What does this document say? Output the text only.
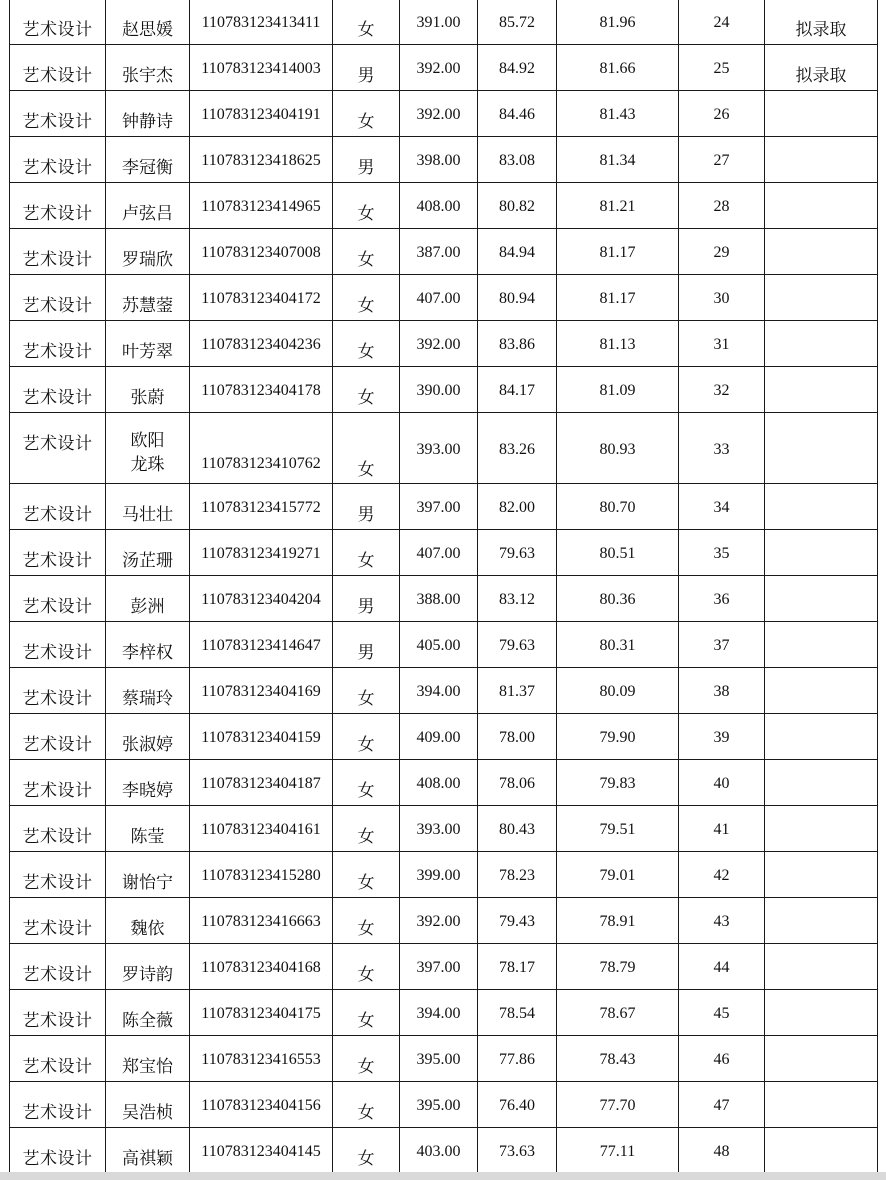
艺术设计	赵思媛	110783123413411	女	391.00	85.72	81.96	24	拟录取

艺术设计	张宇杰	110783123414003	男	392.00	84.92	81.66	25	拟录取

艺术设计	钟静诗	110783123404191	女	392.00	84.46	81.43	26	

艺术设计	李冠衡	110783123418625	男	398.00	83.08	81.34	27	

艺术设计	卢弦吕	110783123414965	女	408.00	80.82	81.21	28	

艺术设计	罗瑞欣	110783123407008	女	387.00	84.94	81.17	29	

艺术设计	苏慧蓥	110783123404172	女	407.00	80.94	81.17	30	

艺术设计	叶芳翠	110783123404236	女	392.00	83.86	81.13	31	

艺术设计	张蔚	110783123404178	女	390.00	84.17	81.09	32	

艺术设计	欧阳龙珠	110783123410762	女	393.00	83.26	80.93	33	

艺术设计	马壮壮	110783123415772	男	397.00	82.00	80.70	34	

艺术设计	汤芷珊	110783123419271	女	407.00	79.63	80.51	35	

艺术设计	彭洲	110783123404204	男	388.00	83.12	80.36	36	

艺术设计	李梓权	110783123414647	男	405.00	79.63	80.31	37	

艺术设计	蔡瑞玲	110783123404169	女	394.00	81.37	80.09	38	

艺术设计	张淑婷	110783123404159	女	409.00	78.00	79.90	39	

艺术设计	李晓婷	110783123404187	女	408.00	78.06	79.83	40	

艺术设计	陈莹	110783123404161	女	393.00	80.43	79.51	41	

艺术设计	谢怡宁	110783123415280	女	399.00	78.23	79.01	42	

艺术设计	魏依	110783123416663	女	392.00	79.43	78.91	43	

艺术设计	罗诗韵	110783123404168	女	397.00	78.17	78.79	44	

艺术设计	陈全薇	110783123404175	女	394.00	78.54	78.67	45	

艺术设计	郑宝怡	110783123416553	女	395.00	77.86	78.43	46	

艺术设计	吴浩桢	110783123404156	女	395.00	76.40	77.70	47	

艺术设计	高祺颖	110783123404145	女	403.00	73.63	77.11	48	
